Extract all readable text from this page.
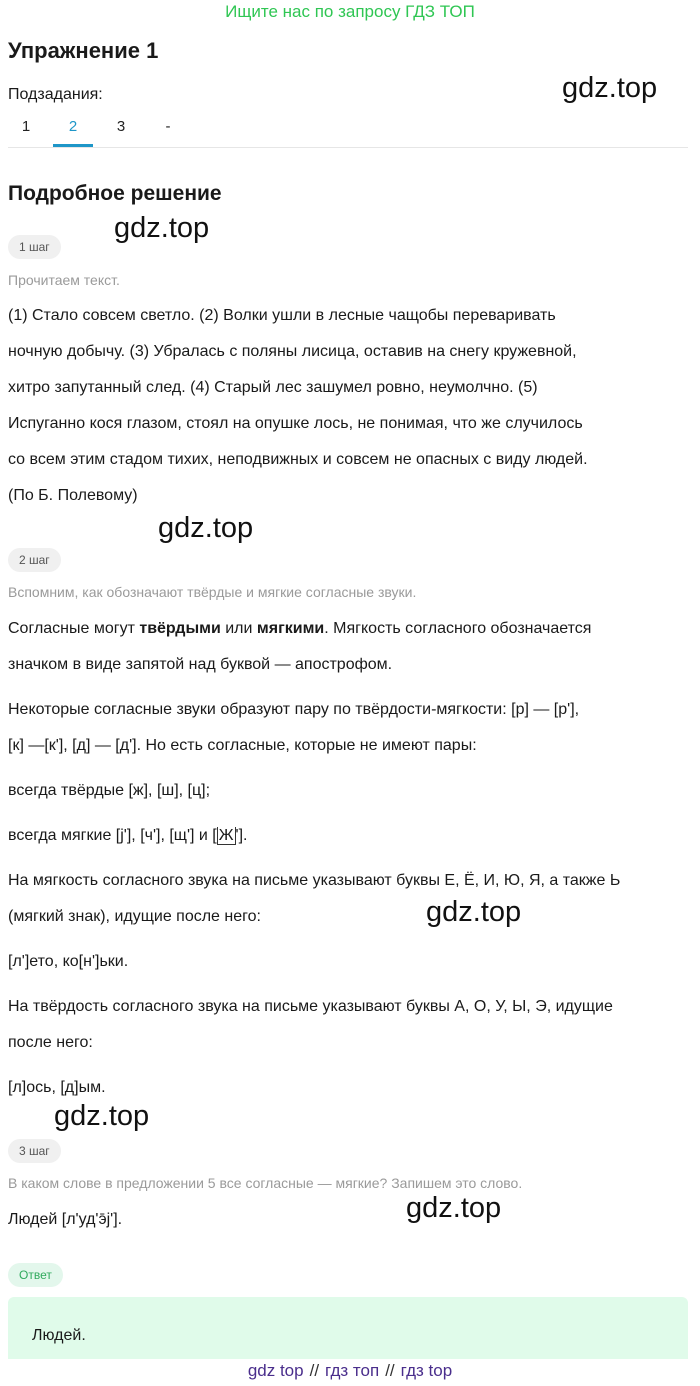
Ищите нас по запросу ГДЗ ТОП
Упражнение 1
Подзадания:	gdz.top
1	2	3	-
Подробное решение
1 шаг
gdz.top
Прочитаем текст.
(1) Стало совсем светло. (2) Волки ушли в лесные чащобы переваривать
ночную добычу. (3) Убралась с поляны лисица, оставив на снегу кружевной,
хитро запутанный след. (4) Старый лес зашумел ровно, неумолчно. (5)
Испуганно кося глазом, стоял на опушке лось, не понимая, что же случилось
со всем этим стадом тихих, неподвижных и совсем не опасных с виду людей.
(По Б. Полевому)
gdz.top
2 шаг
Вспомним, как обозначают твёрдые и мягкие согласные звуки.
Согласные могут твёрдыми или мягкими. Мягкость согласного обозначается
значком в виде запятой над буквой — апострофом.
Некоторые согласные звуки образуют пару по твёрдости-мягкости: [р] — [р'],
[к] —[к'], [д] — [д']. Но есть согласные, которые не имеют пары:
всегда твёрдые [ж], [ш], [ц];
всегда мягкие [j'], [ч'], [щ'] и [ Ж '].
На мягкость согласного звука на письме указывают буквы Е, Ё, И, Ю, Я, а также Ь
(мягкий знак), идущие после него:	gdz.top
[л']ето, ко[н']ьки.
На твёрдость согласного звука на письме указывают буквы А, О, У, Ы, Э, идущие
после него:
[л]ось, [д]ым.
gdz.top
3 шаг
В каком слове в предложении 5 все согласные — мягкие? Запишем это слово.
Людей [л'уд'э̄j'].	gdz.top
Ответ
Людей.
gdz top // гдз топ // гдз top
